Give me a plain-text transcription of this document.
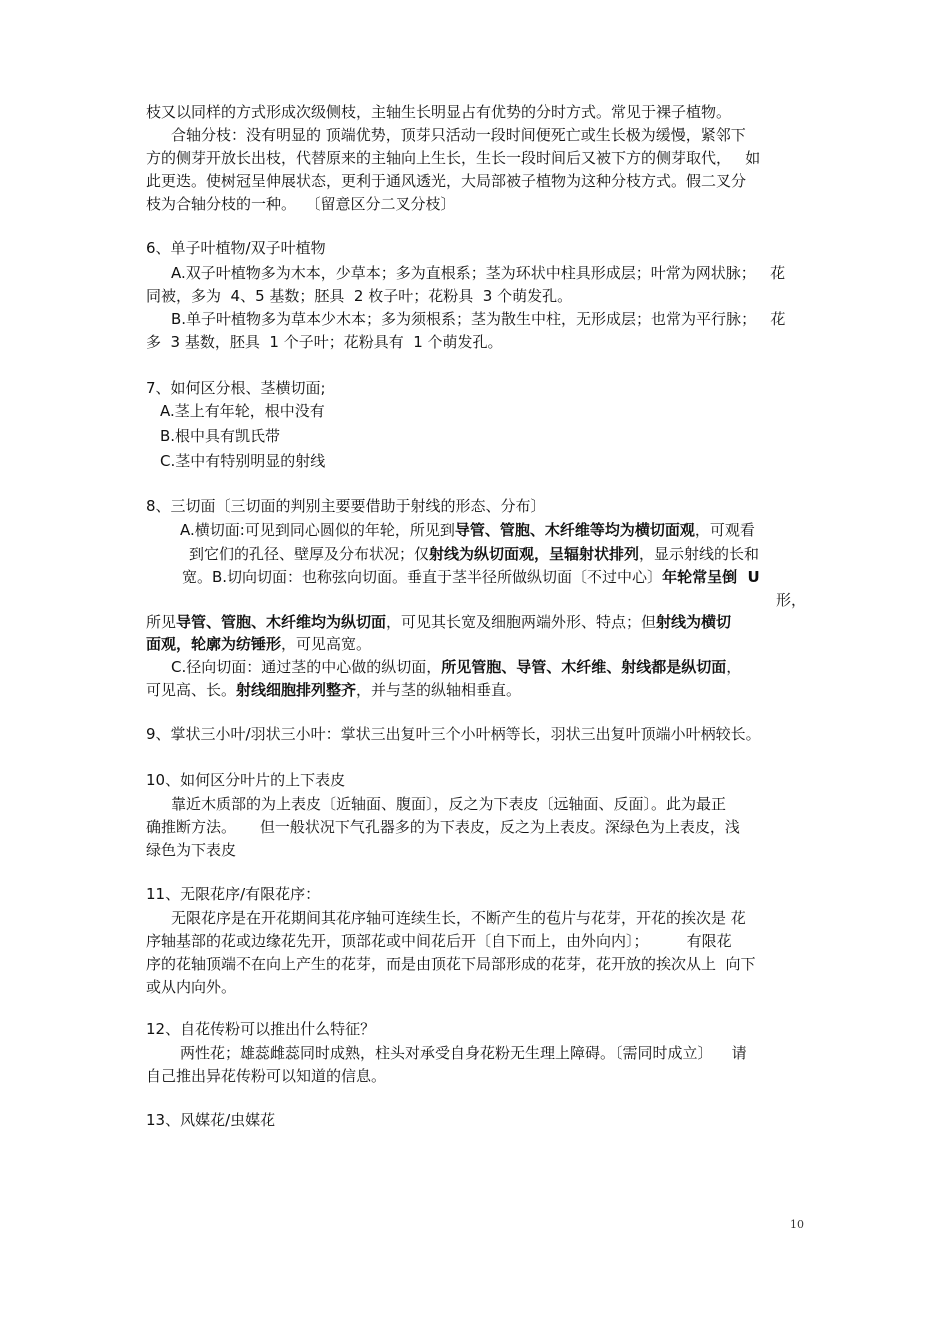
枝又以同样的方式形成次级侧枝，主轴生长明显占有优势的分时方式。常见于裸子植物。
合轴分枝：没有明显的 顶端优势，顶芽只活动一段时间便死亡或生长极为缓慢，紧邻下
方的侧芽开放长出枝，代替原来的主轴向上生长，生长一段时间后又被下方的侧芽取代，   如
此更迭。使树冠呈伸展状态，更利于通风透光，大局部被子植物为这种分枝方式。假二叉分
枝为合轴分枝的一种。  〔留意区分二叉分枝〕
6、单子叶植物/双子叶植物
A.双子叶植物多为木本，少草本；多为直根系；茎为环状中柱具形成层；叶常为网状脉；   花
同被，多为  4、5 基数；胚具  2 枚子叶；花粉具  3 个萌发孔。
B.单子叶植物多为草本少木本；多为须根系；茎为散生中柱，无形成层；也常为平行脉；   花
多  3 基数，胚具  1 个子叶；花粉具有  1 个萌发孔。
7、如何区分根、茎横切面;
A.茎上有年轮，根中没有
B.根中具有凯氏带
C.茎中有特别明显的射线
8、三切面〔三切面的判别主要要借助于射线的形态、分布〕
A.横切面:可见到同心圆似的年轮，所见到导管、管胞、木纤维等均为横切面观，可观看
到它们的孔径、壁厚及分布状况；仅射线为纵切面观，呈辐射状排列，显示射线的长和
宽。B.切向切面：也称弦向切面。垂直于茎半径所做纵切面〔不过中心〕年轮常呈倒  U
形，
所见导管、管胞、木纤维均为纵切面，可见其长宽及细胞两端外形、特点；但射线为横切
面观，轮廓为纺锤形，可见高宽。
C.径向切面：通过茎的中心做的纵切面，所见管胞、导管、木纤维、射线都是纵切面，
可见高、长。射线细胞排列整齐，并与茎的纵轴相垂直。
9、掌状三小叶/羽状三小叶：掌状三出复叶三个小叶柄等长，羽状三出复叶顶端小叶柄较长。
10、如何区分叶片的上下表皮
靠近木质部的为上表皮〔近轴面、腹面〕，反之为下表皮〔远轴面、反面〕。此为最正
确推断方法。     但一般状况下气孔器多的为下表皮，反之为上表皮。深绿色为上表皮，浅
绿色为下表皮
11、无限花序/有限花序：
无限花序是在开花期间其花序轴可连续生长，不断产生的苞片与花芽，开花的挨次是 花
序轴基部的花或边缘花先开，顶部花或中间花后开〔自下而上，由外向内〕；        有限花
序的花轴顶端不在向上产生的花芽，而是由顶花下局部形成的花芽，花开放的挨次从上  向下
或从内向外。
12、自花传粉可以推出什么特征？
两性花；雄蕊雌蕊同时成熟，柱头对承受自身花粉无生理上障碍。〔需同时成立〕    请
自己推出异花传粉可以知道的信息。
13、风媒花/虫媒花
10
